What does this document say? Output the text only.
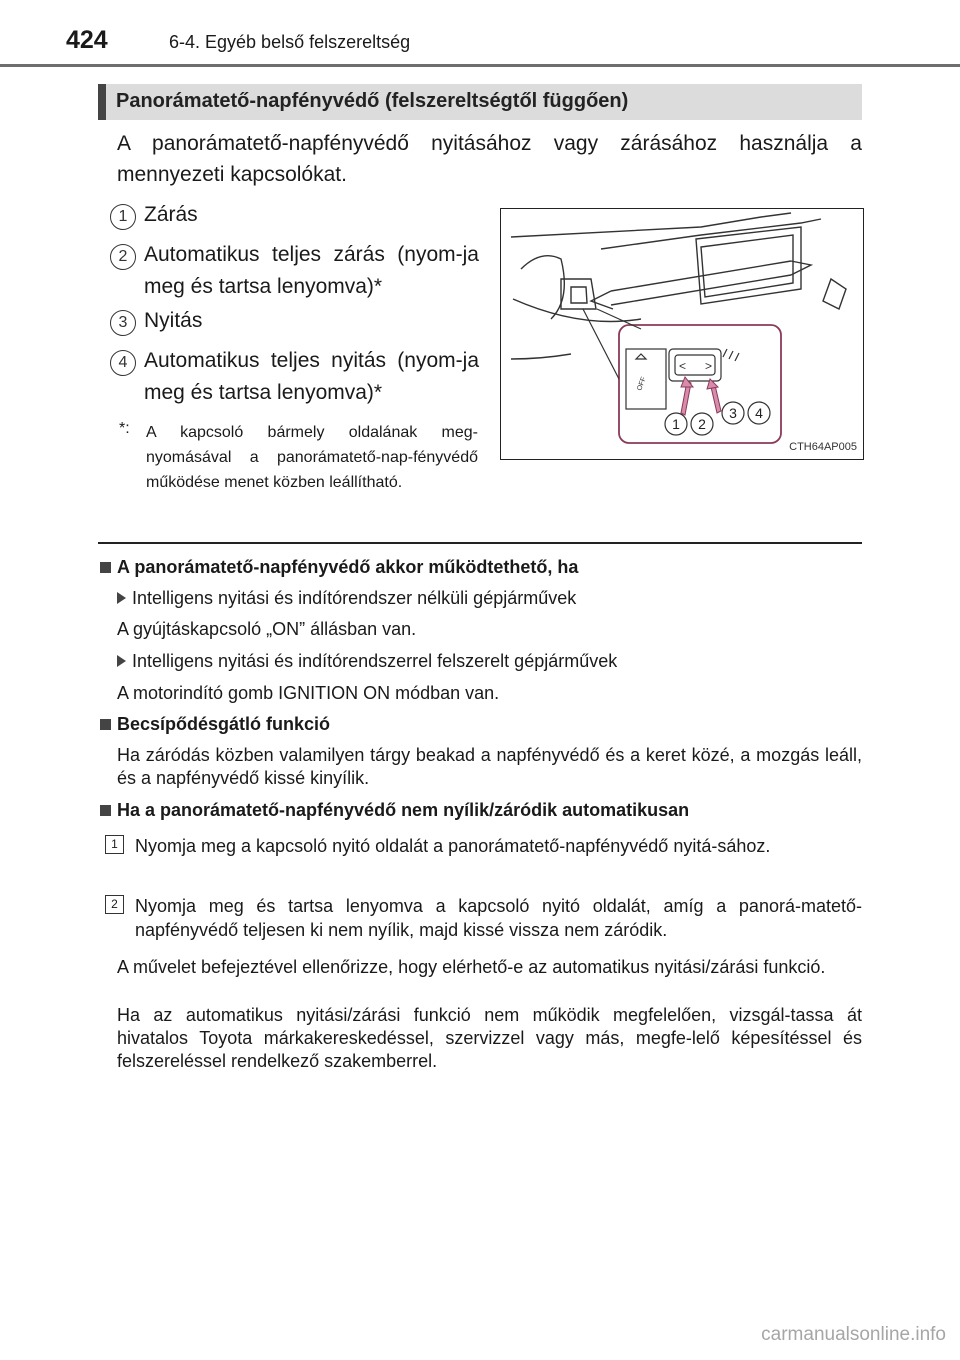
424	6-4. Egyéb belső felszereltség
Panorámatető-napfényvédő (felszereltségtől függően)
A panorámatető-napfényvédő nyitásához vagy zárásához használja a mennyezeti kapcsolókat.
1 Zárás
2 Automatikus teljes zárás (nyom-ja meg és tartsa lenyomva)*
3 Nyitás
4 Automatikus teljes nyitás (nyom-ja meg és tartsa lenyomva)*
*: A kapcsoló bármely oldalának meg-nyomásával a panorámatető-nap-fényvédő működése menet közben leállítható.
OFF
< >
1 2
3 4
CTH64AP005
A panorámatető-napfényvédő akkor működtethető, ha
Intelligens nyitási és indítórendszer nélküli gépjárművek
A gyújtáskapcsoló „ON” állásban van.
Intelligens nyitási és indítórendszerrel felszerelt gépjárművek
A motorindító gomb IGNITION ON módban van.
Becsípődésgátló funkció
Ha záródás közben valamilyen tárgy beakad a napfényvédő és a keret közé, a mozgás leáll, és a napfényvédő kissé kinyílik.
Ha a panorámatető-napfényvédő nem nyílik/záródik automatikusan
1 Nyomja meg a kapcsoló nyitó oldalát a panorámatető-napfényvédő nyitá-sához.
2 Nyomja meg és tartsa lenyomva a kapcsoló nyitó oldalát, amíg a panorá-matető-napfényvédő teljesen ki nem nyílik, majd kissé vissza nem záródik.
A művelet befejeztével ellenőrizze, hogy elérhető-e az automatikus nyitási/zárási funkció.
Ha az automatikus nyitási/zárási funkció nem működik megfelelően, vizsgál-tassa át hivatalos Toyota márkakereskedéssel, szervizzel vagy más, megfe-lelő képesítéssel és felszereléssel rendelkező szakemberrel.
carmanualsonline.info
